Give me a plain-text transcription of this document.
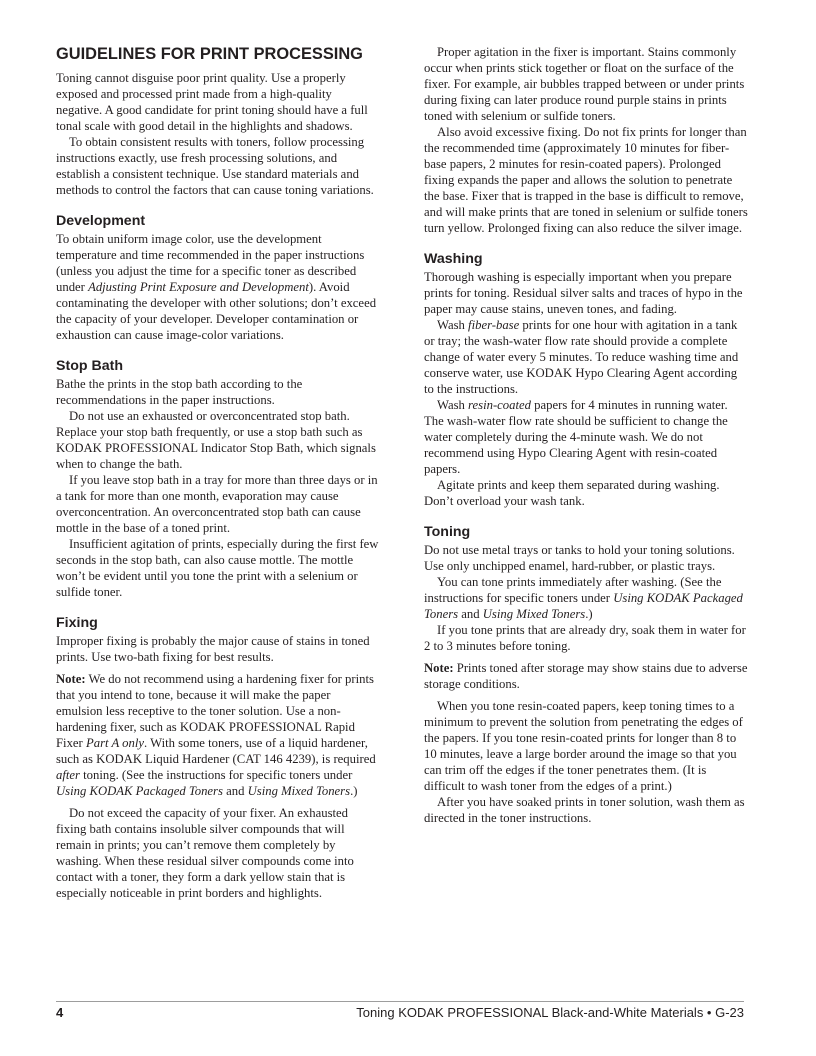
GUIDELINES FOR PRINT PROCESSING

Toning cannot disguise poor print quality. Use a properly exposed and processed print made from a high-quality negative. A good candidate for print toning should have a full tonal scale with good detail in the highlights and shadows.

To obtain consistent results with toners, follow processing instructions exactly, use fresh processing solutions, and establish a consistent technique. Use standard materials and methods to control the factors that can cause toning variations.

Development

To obtain uniform image color, use the development temperature and time recommended in the paper instructions (unless you adjust the time for a specific toner as described under Adjusting Print Exposure and Development). Avoid contaminating the developer with other solutions; don’t exceed the capacity of your developer. Developer contamination or exhaustion can cause image-color variations.

Stop Bath

Bathe the prints in the stop bath according to the recommendations in the paper instructions.

Do not use an exhausted or overconcentrated stop bath. Replace your stop bath frequently, or use a stop bath such as KODAK PROFESSIONAL Indicator Stop Bath, which signals when to change the bath.

If you leave stop bath in a tray for more than three days or in a tank for more than one month, evaporation may cause overconcentration. An overconcentrated stop bath can cause mottle in the base of a toned print.

Insufficient agitation of prints, especially during the first few seconds in the stop bath, can also cause mottle. The mottle won’t be evident until you tone the print with a selenium or sulfide toner.

Fixing

Improper fixing is probably the major cause of stains in toned prints. Use two-bath fixing for best results.

Note: We do not recommend using a hardening fixer for prints that you intend to tone, because it will make the paper emulsion less receptive to the toner solution. Use a non-hardening fixer, such as KODAK PROFESSIONAL Rapid Fixer Part A only. With some toners, use of a liquid hardener, such as KODAK Liquid Hardener (CAT 146 4239), is required after toning. (See the instructions for specific toners under Using KODAK Packaged Toners and Using Mixed Toners.)

Do not exceed the capacity of your fixer. An exhausted fixing bath contains insoluble silver compounds that will remain in prints; you can’t remove them completely by washing. When these residual silver compounds come into contact with a toner, they form a dark yellow stain that is especially noticeable in print borders and highlights.

Proper agitation in the fixer is important. Stains commonly occur when prints stick together or float on the surface of the fixer. For example, air bubbles trapped between or under prints during fixing can later produce round purple stains in prints toned with selenium or sulfide toners.

Also avoid excessive fixing. Do not fix prints for longer than the recommended time (approximately 10 minutes for fiber-base papers, 2 minutes for resin-coated papers). Prolonged fixing expands the paper and allows the solution to penetrate the base. Fixer that is trapped in the base is difficult to remove, and will make prints that are toned in selenium or sulfide toners turn yellow. Prolonged fixing can also reduce the silver image.

Washing

Thorough washing is especially important when you prepare prints for toning. Residual silver salts and traces of hypo in the paper may cause stains, uneven tones, and fading.

Wash fiber-base prints for one hour with agitation in a tank or tray; the wash-water flow rate should provide a complete change of water every 5 minutes. To reduce washing time and conserve water, use KODAK Hypo Clearing Agent according to the instructions.

Wash resin-coated papers for 4 minutes in running water. The wash-water flow rate should be sufficient to change the water completely during the 4-minute wash. We do not recommend using Hypo Clearing Agent with resin-coated papers.

Agitate prints and keep them separated during washing. Don’t overload your wash tank.

Toning

Do not use metal trays or tanks to hold your toning solutions. Use only unchipped enamel, hard-rubber, or plastic trays.

You can tone prints immediately after washing. (See the instructions for specific toners under Using KODAK Packaged Toners and Using Mixed Toners.)

If you tone prints that are already dry, soak them in water for 2 to 3 minutes before toning.

Note: Prints toned after storage may show stains due to adverse storage conditions.

When you tone resin-coated papers, keep toning times to a minimum to prevent the solution from penetrating the edges of the papers. If you tone resin-coated prints for longer than 8 to 10 minutes, leave a large border around the image so that you can trim off the edges if the toner penetrates them. (It is difficult to wash toner from the edges of a print.)

After you have soaked prints in toner solution, wash them as directed in the toner instructions.

4	Toning KODAK PROFESSIONAL Black-and-White Materials • G-23
